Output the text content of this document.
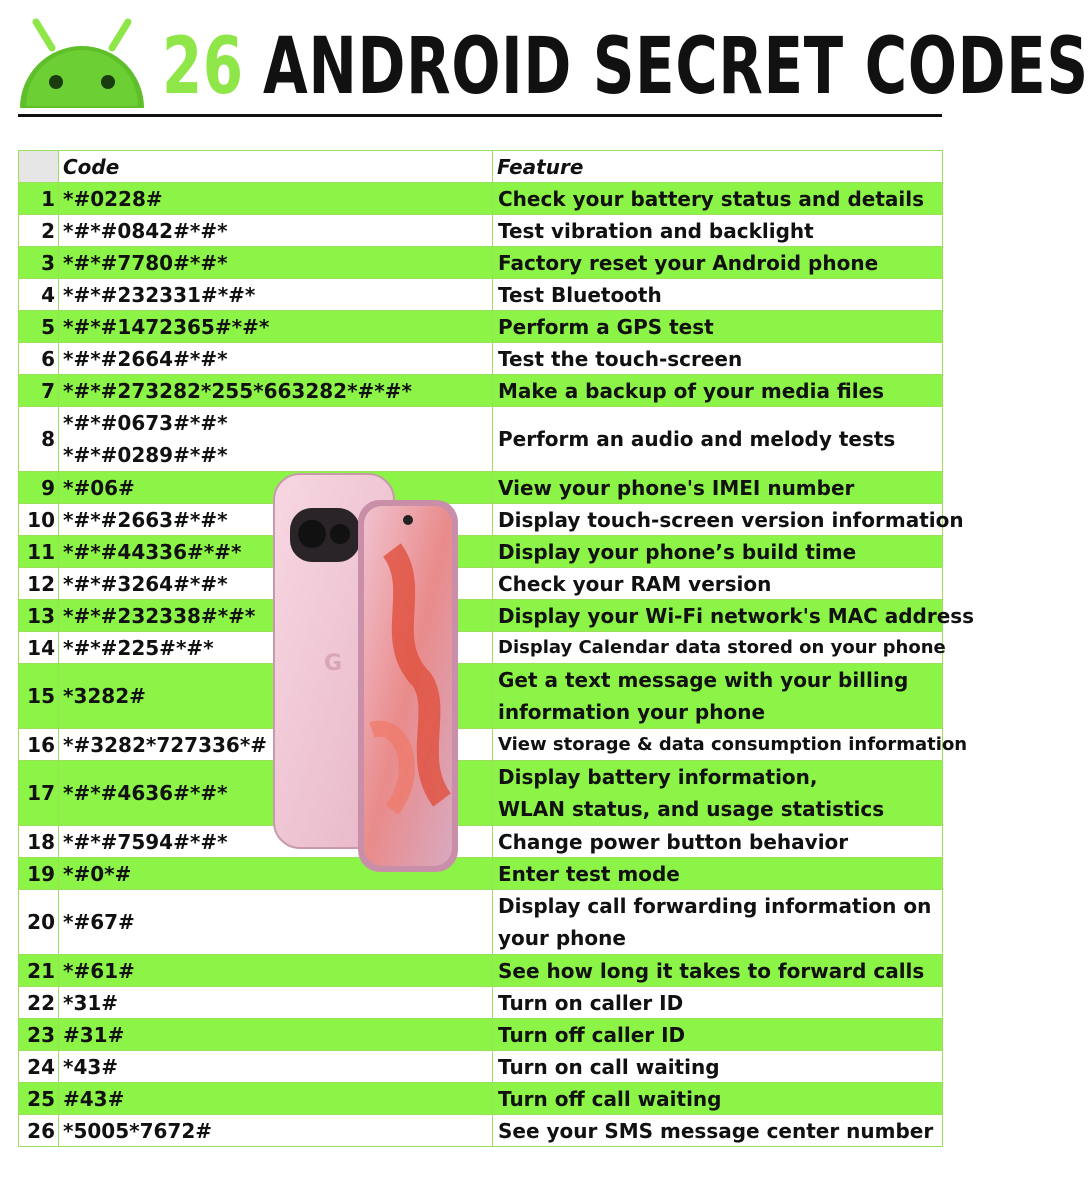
26 ANDROID SECRET CODES
	Code	Feature
1	*#0228#	Check your battery status and details

2	*#*#0842#*#*	Test vibration and backlight

3	*#*#7780#*#*	Factory reset your Android phone

4	*#*#232331#*#*	Test Bluetooth

5	*#*#1472365#*#*	Perform a GPS test

6	*#*#2664#*#*	Test the touch-screen

7	*#*#273282*255*663282*#*#*	Make a backup of your media files

8	*#*#0673#*#*
*#*#0289#*#*	Perform an audio and melody tests

9	*#06#	View your phone's IMEI number

10	*#*#2663#*#*	Display touch-screen version information

11	*#*#44336#*#*	Display your phone’s build time

12	*#*#3264#*#*	Check your RAM version

13	*#*#232338#*#*	Display your Wi-Fi network's MAC address

14	*#*#225#*#*	Display Calendar data stored on your phone

15	*3282#	Get a text message with your billing
information your phone

16	*#3282*727336*#	View storage & data consumption information

17	*#*#4636#*#*	Display battery information,
WLAN status, and usage statistics

18	*#*#7594#*#*	Change power button behavior

19	*#0*#	Enter test mode

20	*#67#	Display call forwarding information on
your phone

21	*#61#	See how long it takes to forward calls

22	*31#	Turn on caller ID

23	#31#	Turn off caller ID

24	*43#	Turn on call waiting

25	#43#	Turn off call waiting

26	*5005*7672#	See your SMS message center number
G
